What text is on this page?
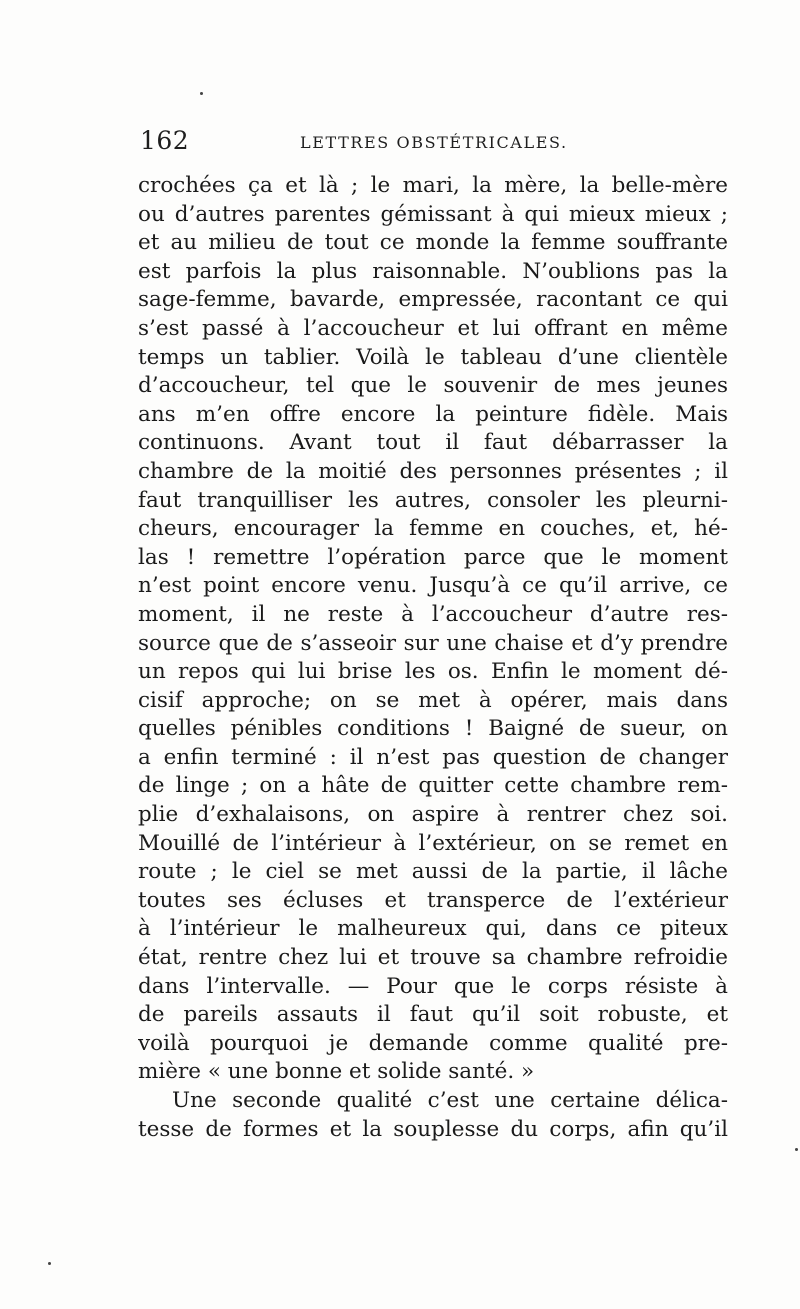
162	LETTRES OBSTÉTRICALES.
crochées ça et là ; le mari, la mère, la belle-mère
ou d’autres parentes gémissant à qui mieux mieux ;
et au milieu de tout ce monde la femme souffrante
est parfois la plus raisonnable. N’oublions pas la
sage-femme, bavarde, empressée, racontant ce qui
s’est passé à l’accoucheur et lui offrant en même
temps un tablier. Voilà le tableau d’une clientèle
d’accoucheur, tel que le souvenir de mes jeunes
ans m’en offre encore la peinture fidèle. Mais
continuons. Avant tout il faut débarrasser la
chambre de la moitié des personnes présentes ; il
faut tranquilliser les autres, consoler les pleurni-
cheurs, encourager la femme en couches, et, hé-
las ! remettre l’opération parce que le moment
n’est point encore venu. Jusqu’à ce qu’il arrive, ce
moment, il ne reste à l’accoucheur d’autre res-
source que de s’asseoir sur une chaise et d’y prendre
un repos qui lui brise les os. Enfin le moment dé-
cisif approche; on se met à opérer, mais dans
quelles pénibles conditions ! Baigné de sueur, on
a enfin terminé : il n’est pas question de changer
de linge ; on a hâte de quitter cette chambre rem-
plie d’exhalaisons, on aspire à rentrer chez soi.
Mouillé de l’intérieur à l’extérieur, on se remet en
route ; le ciel se met aussi de la partie, il lâche
toutes ses écluses et transperce de l’extérieur
à l’intérieur le malheureux qui, dans ce piteux
état, rentre chez lui et trouve sa chambre refroidie
dans l’intervalle. — Pour que le corps résiste à
de pareils assauts il faut qu’il soit robuste, et
voilà pourquoi je demande comme qualité pre-
mière « une bonne et solide santé. »
Une seconde qualité c’est une certaine délica-
tesse de formes et la souplesse du corps, afin qu’il
